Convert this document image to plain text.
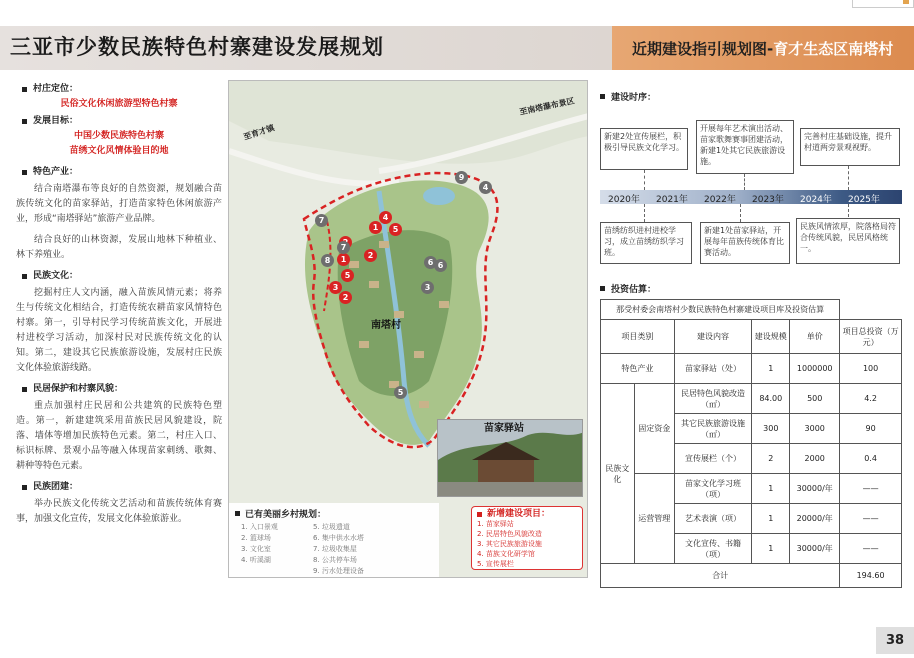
三亚市少数民族特色村寨建设发展规划	近期建设指引规划图-育才生态区南塔村
村庄定位：
民俗文化休闲旅游型特色村寨
发展目标：
中国少数民族特色村寨
苗绣文化风情体验目的地
特色产业：
结合南塔瀑布等良好的自然资源，规划融合苗族传统文化的苗家驿站，打造苗家特色休闲旅游产业，形成“南塔驿站”旅游产业品牌。
结合良好的山林资源，发展山地林下种植业、林下养殖业。
民族文化：
挖掘村庄人文内涵，融入苗族风情元素；将养生与传统文化相结合，打造传统农耕苗家风情特色村寨。第一，引导村民学习传统苗族文化，开展进村进校学习活动，加深村民对民族传统文化的认知。第二，建设其它民族旅游设施，发展村庄民族文化体验旅游线路。
民居保护和村寨风貌：
重点加强村庄民居和公共建筑的民族特色塑造。第一，新建建筑采用苗族民居风貌建设，院落、墙体等增加民族特色元素。第二，村庄入口、标识标牌、景观小品等融入体现苗家刺绣、歌舞、耕种等特色元素。
民族团建：
举办民族文化传统文艺活动和苗族传统体育赛事，加强文化宣传，发展文化体验旅游业。
至育才镇
至南塔瀑布景区
1
4
5
2
1
5
3
2
9
4
7
8	6 6
7
3
5
南塔村
苗家驿站
已有美丽乡村规划：
1. 入口景观	5. 垃圾遗道
2. 篮球场	6. 集中供水水塔
3. 文化室	7. 垃圾收集屋
4. 听溪湖	8. 公共停车场
9. 污水处理设备
新增建设项目：
1. 苗家驿站
2. 民居特色风貌改造
3. 其它民族旅游设施
4. 苗族文化研学馆
5. 宣传展栏
建设时序：
新建2处宣传展栏，积极引导民族文化学习。
开展每年艺术演出活动、苗家歌舞赛事团建活动，新建1处其它民族旅游设施。
完善村庄基础设施，提升村道两旁景观视野。
2020年 2021年 2022年 2023年 2024年 2025年
苗绣纺织进村进校学习，成立苗绣纺织学习班。
新建1处苗家驿站，开展每年苗族传统体育比赛活动。
民族风情浓厚，院落格局符合传统风貌，民居风格统一。
投资估算：
那受村委会南塔村少数民族特色村寨建设项目库及投资估算					
项目类别		建设内容	建设规模	单价	项目总投资（万元）
特色产业		苗家驿站（处）	1	1000000	100
民族文化	固定资金	民居特色风貌改造（㎡）	84.00	500	4.2
		其它民族旅游设施（㎡）	300	3000	90
		宣传展栏（个）	2	2000	0.4

	运营管理	苗家文化学习班（项）	1	30000/年	——
		艺术表演（项）	1	20000/年	——
		文化宣传、书籍（项）	1	30000/年	——
合计					194.60
38
